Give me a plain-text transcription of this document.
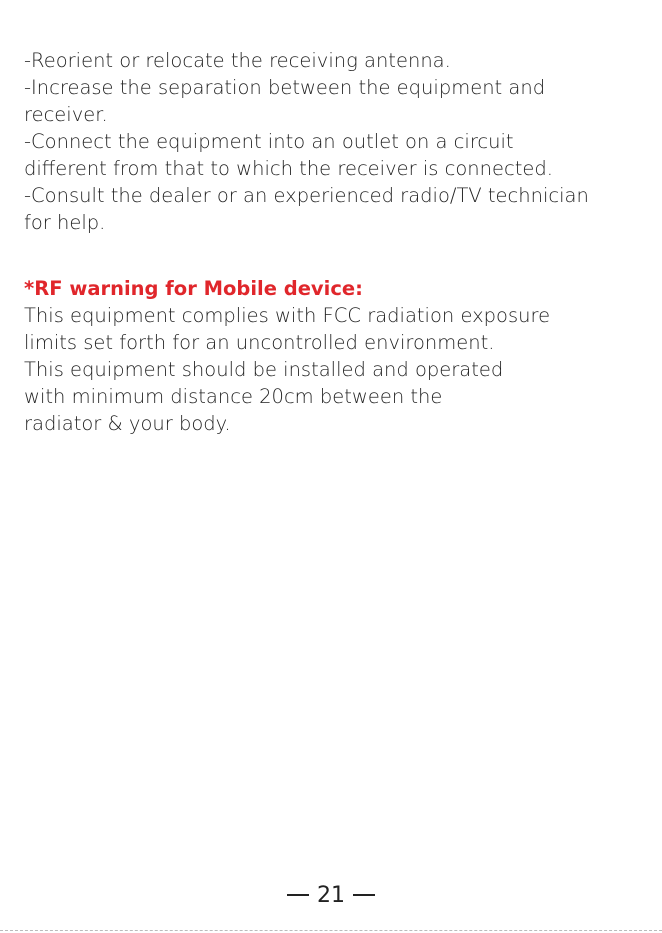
-Reorient or relocate the receiving antenna.
-Increase the separation between the equipment and
receiver.
-Connect the equipment into an outlet on a circuit
different from that to which the receiver is connected.
-Consult the dealer or an experienced radio/TV technician
for help.
*RF warning for Mobile device:
This equipment complies with FCC radiation exposure
limits set forth for an uncontrolled environment.
This equipment should be installed and operated
with minimum distance 20cm between the
radiator & your body.
21
